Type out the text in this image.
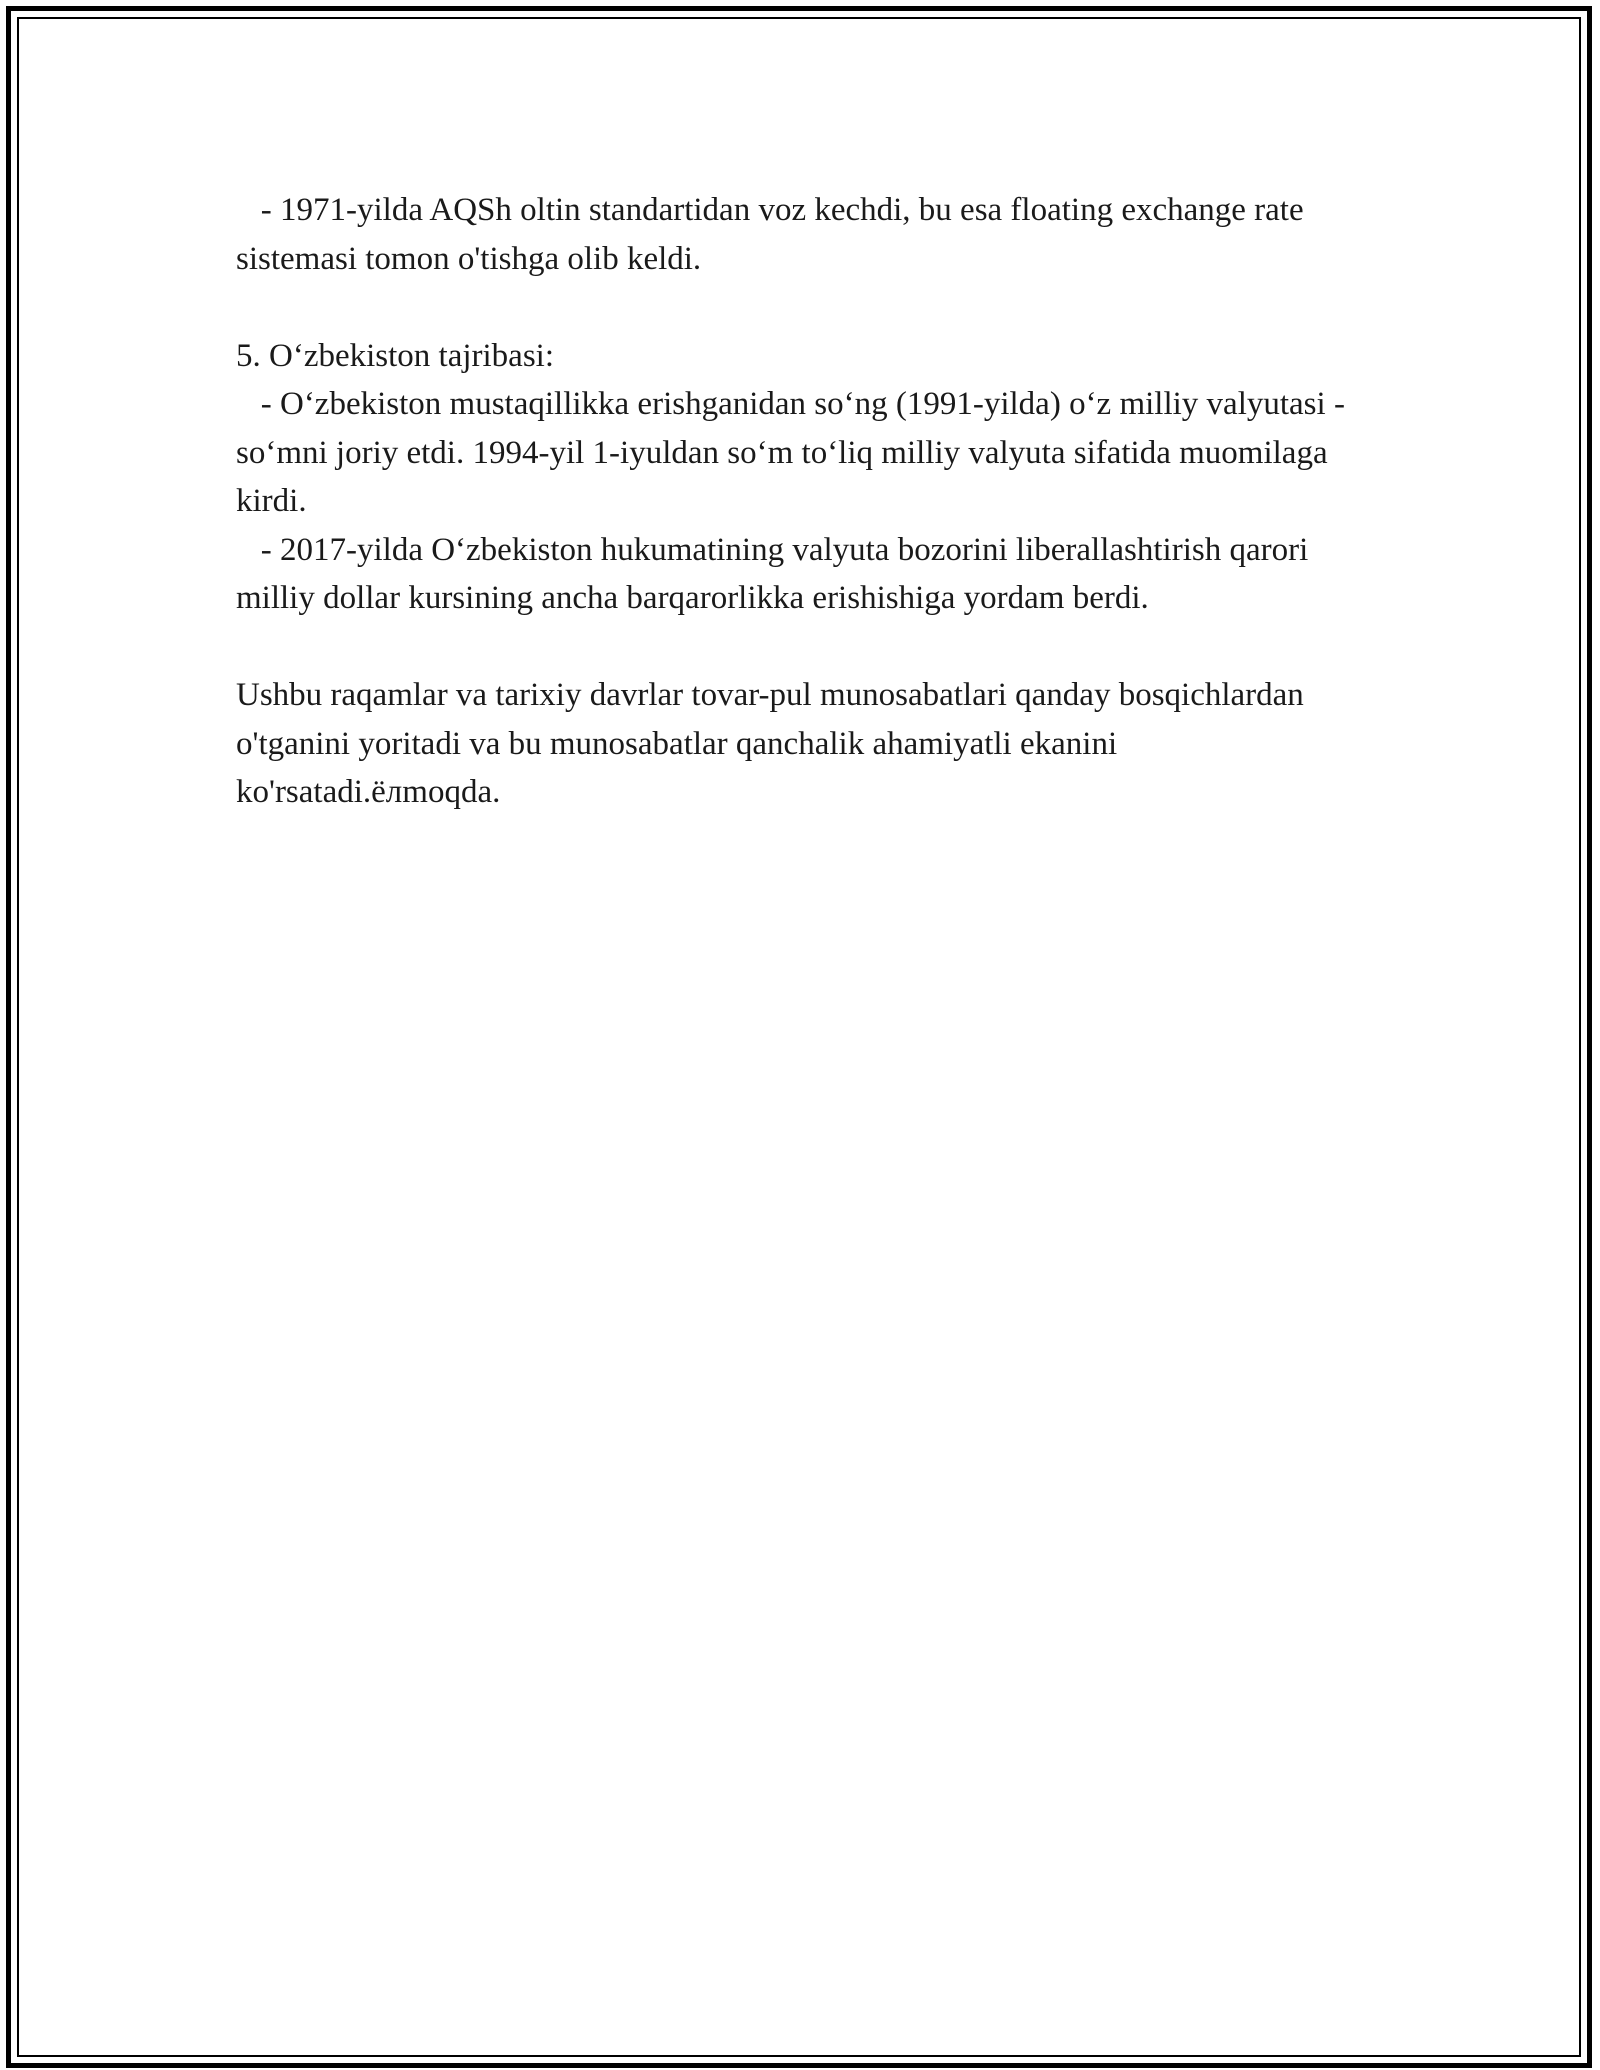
- 1971-yilda AQSh oltin standartidan voz kechdi, bu esa floating exchange rate sistemasi tomon o'tishga olib keldi.

5. O‘zbekiston tajribasi:

- O‘zbekiston mustaqillikka erishganidan so‘ng (1991-yilda) o‘z milliy valyutasi - so‘mni joriy etdi. 1994-yil 1-iyuldan so‘m to‘liq milliy valyuta sifatida muomilaga kirdi.

- 2017-yilda O‘zbekiston hukumatining valyuta bozorini liberallashtirish qarori milliy dollar kursining ancha barqarorlikka erishishiga yordam berdi.

Ushbu raqamlar va tarixiy davrlar tovar-pul munosabatlari qanday bosqichlardan o'tganini yoritadi va bu munosabatlar qanchalik ahamiyatli ekanini ko'rsatadi.ёлmoqda.
